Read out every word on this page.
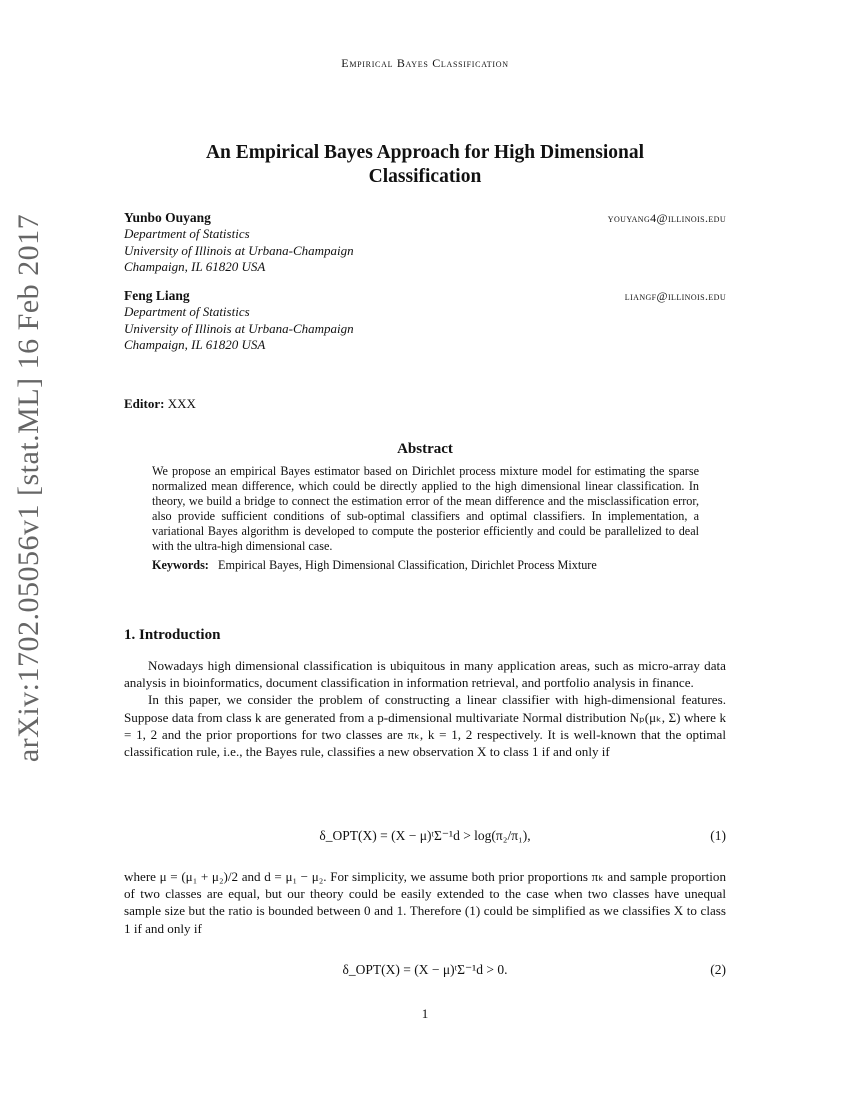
arXiv:1702.05056v1 [stat.ML] 16 Feb 2017
Empirical Bayes Classification
An Empirical Bayes Approach for High Dimensional Classification
Yunbo Ouyang	youyang4@illinois.edu
Department of Statistics
University of Illinois at Urbana-Champaign
Champaign, IL 61820 USA
Feng Liang	liangf@illinois.edu
Department of Statistics
University of Illinois at Urbana-Champaign
Champaign, IL 61820 USA
Editor: XXX
Abstract
We propose an empirical Bayes estimator based on Dirichlet process mixture model for estimating the sparse normalized mean difference, which could be directly applied to the high dimensional linear classification. In theory, we build a bridge to connect the estimation error of the mean difference and the misclassification error, also provide sufficient conditions of sub-optimal classifiers and optimal classifiers. In implementation, a variational Bayes algorithm is developed to compute the posterior efficiently and could be parallelized to deal with the ultra-high dimensional case.
Keywords: Empirical Bayes, High Dimensional Classification, Dirichlet Process Mixture
1. Introduction

Nowadays high dimensional classification is ubiquitous in many application areas, such as micro-array data analysis in bioinformatics, document classification in information retrieval, and portfolio analysis in finance.

In this paper, we consider the problem of constructing a linear classifier with high-dimensional features. Suppose data from class k are generated from a p-dimensional multivariate Normal distribution Nₚ(μₖ, Σ) where k = 1, 2 and the prior proportions for two classes are πₖ, k = 1, 2 respectively. It is well-known that the optimal classification rule, i.e., the Bayes rule, classifies a new observation X to class 1 if and only if

δ_OPT(X) = (X − μ)ᵗΣ⁻¹d > log(π₂/π₁),	(1)
where μ = (μ₁ + μ₂)/2 and d = μ₁ − μ₂. For simplicity, we assume both prior proportions πₖ and sample proportion of two classes are equal, but our theory could be easily extended to the case when two classes have unequal sample size but the ratio is bounded between 0 and 1. Therefore (1) could be simplified as we classifies X to class 1 if and only if
δ_OPT(X) = (X − μ)ᵗΣ⁻¹d > 0.	(2)
1
